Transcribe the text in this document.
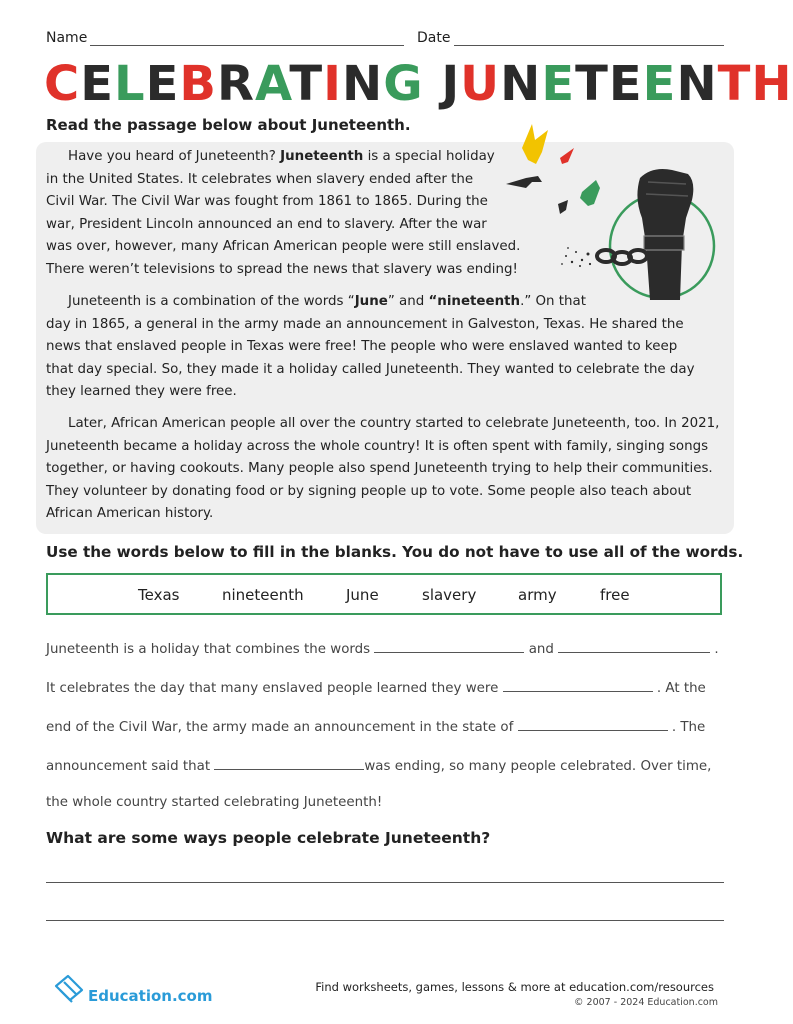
Name	Date
CELEBRATING JUNETEENTH
Read the passage below about Juneteenth.
Have you heard of Juneteenth? Juneteenth is a special holiday
in the United States. It celebrates when slavery ended after the
Civil War. The Civil War was fought from 1861 to 1865. During the
war, President Lincoln announced an end to slavery. After the war
was over, however, many African American people were still enslaved.
There weren’t televisions to spread the news that slavery was ending!
Juneteenth is a combination of the words “June” and “nineteenth.” On that
day in 1865, a general in the army made an announcement in Galveston, Texas. He shared the
news that enslaved people in Texas were free! The people who were enslaved wanted to keep
that day special. So, they made it a holiday called Juneteenth. They wanted to celebrate the day
they learned they were free.
Later, African American people all over the country started to celebrate Juneteenth, too. In 2021,
Juneteenth became a holiday across the whole country! It is often spent with family, singing songs
together, or having cookouts. Many people also spend Juneteenth trying to help their communities.
They volunteer by donating food or by signing people up to vote. Some people also teach about
African American history.
Use the words below to fill in the blanks. You do not have to use all of the words.
Texas	nineteenth	June	slavery	army	free
Juneteenth is a holiday that combines the words	and	.
It celebrates the day that many enslaved people learned they were	. At the
end of the Civil War, the army made an announcement in the state of	. The
announcement said that	was ending, so many people celebrated. Over time,
the whole country started celebrating Juneteenth!
What are some ways people celebrate Juneteenth?
Education.com	Find worksheets, games, lessons & more at education.com/resources
© 2007 - 2024 Education.com
